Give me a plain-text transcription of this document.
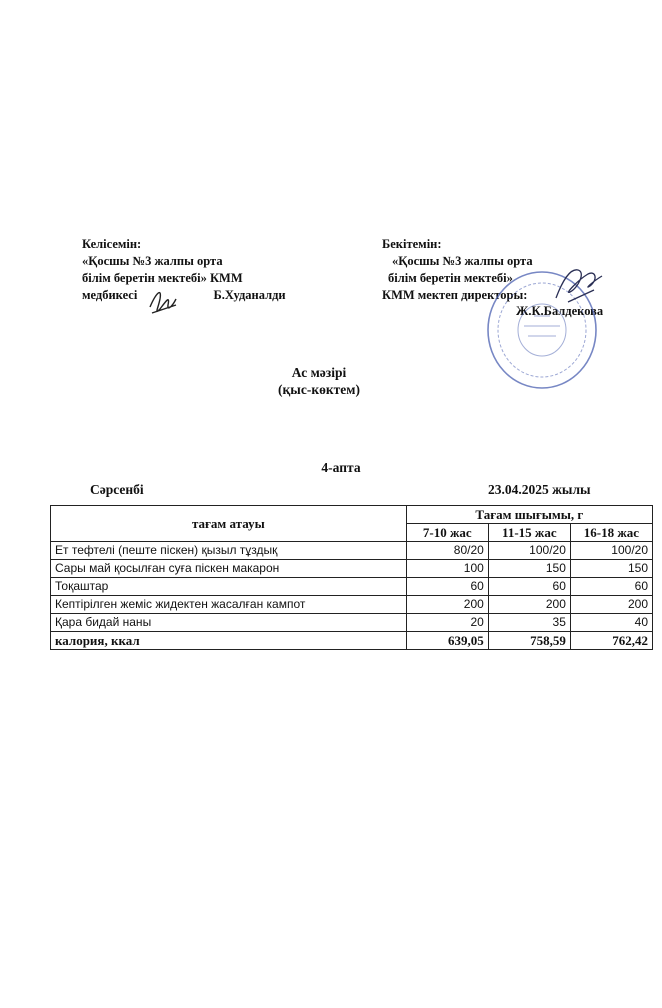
Келісемін:
«Қосшы №3 жалпы орта
білім беретін мектебі» КММ
медбикесі	Б.Худаналди
Бекітемін:
«Қосшы №3 жалпы орта
білім беретін мектебі»
КММ мектеп директоры:
Ж.К.Балдекова
Ас мәзірі
(қыс-көктем)
4-апта
Сәрсенбі	23.04.2025 жылы
тағам атауы	Тағам шығымы, г		
	7-10 жас	11-15 жас	16-18 жас
Ет тефтелі (пеште піскен) қызыл тұздық	80/20	100/20	100/20
Сары май қосылған суға піскен макарон	100	150	150
Тоқаштар	60	60	60
Кептірілген жеміс жидектен жасалған кампот	200	200	200
Қара бидай наны	20	35	40
калория, ккал	639,05	758,59	762,42
